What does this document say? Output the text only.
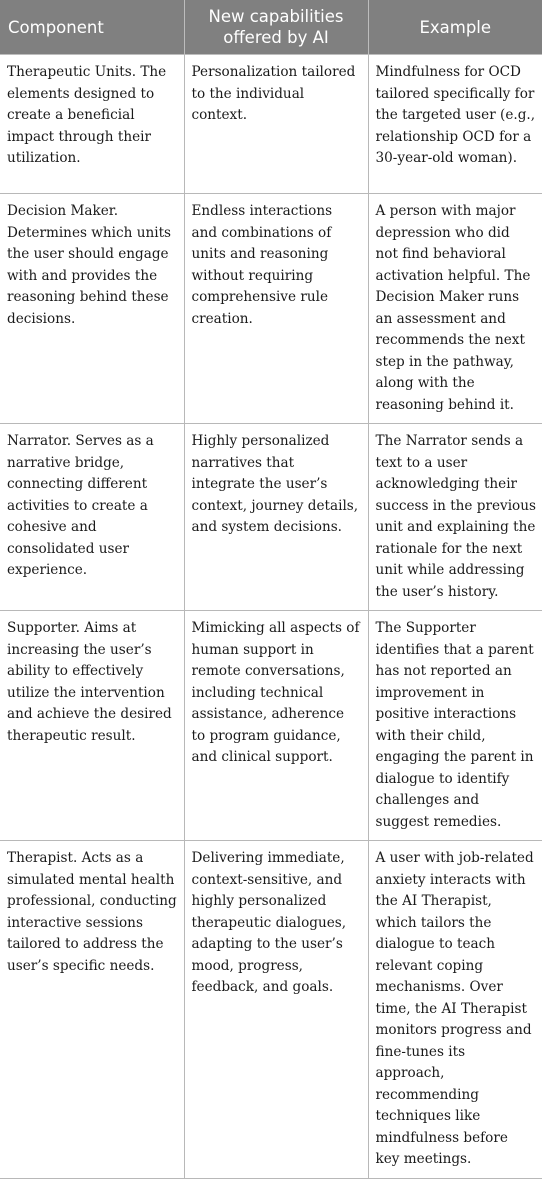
Component	New capabilities offered by AI	Example
Therapeutic Units. The elements designed to create a beneficial impact through their utilization.	Personalization tailored to the individual context.	Mindfulness for OCD tailored specifically for the targeted user (e.g., relationship OCD for a 30-year-old woman).
Decision Maker. Determines which units the user should engage with and provides the reasoning behind these decisions.	Endless interactions and combinations of units and reasoning without requiring comprehensive rule creation.	A person with major depression who did not find behavioral activation helpful. The Decision Maker runs an assessment and recommends the next step in the pathway, along with the reasoning behind it.
Narrator. Serves as a narrative bridge, connecting different activities to create a cohesive and consolidated user experience.	Highly personalized narratives that integrate the user’s context, journey details, and system decisions.	The Narrator sends a text to a user acknowledging their success in the previous unit and explaining the rationale for the next unit while addressing the user’s history.
Supporter. Aims at increasing the user’s ability to effectively utilize the intervention and achieve the desired therapeutic result.	Mimicking all aspects of human support in remote conversations, including technical assistance, adherence to program guidance, and clinical support.	The Supporter identifies that a parent has not reported an improvement in positive interactions with their child, engaging the parent in dialogue to identify challenges and suggest remedies.
Therapist. Acts as a simulated mental health professional, conducting interactive sessions tailored to address the user’s specific needs.	Delivering immediate, context-sensitive, and highly personalized therapeutic dialogues, adapting to the user’s mood, progress, feedback, and goals.	A user with job-related anxiety interacts with the AI Therapist, which tailors the dialogue to teach relevant coping mechanisms. Over time, the AI Therapist monitors progress and fine-tunes its approach, recommending techniques like mindfulness before key meetings.
